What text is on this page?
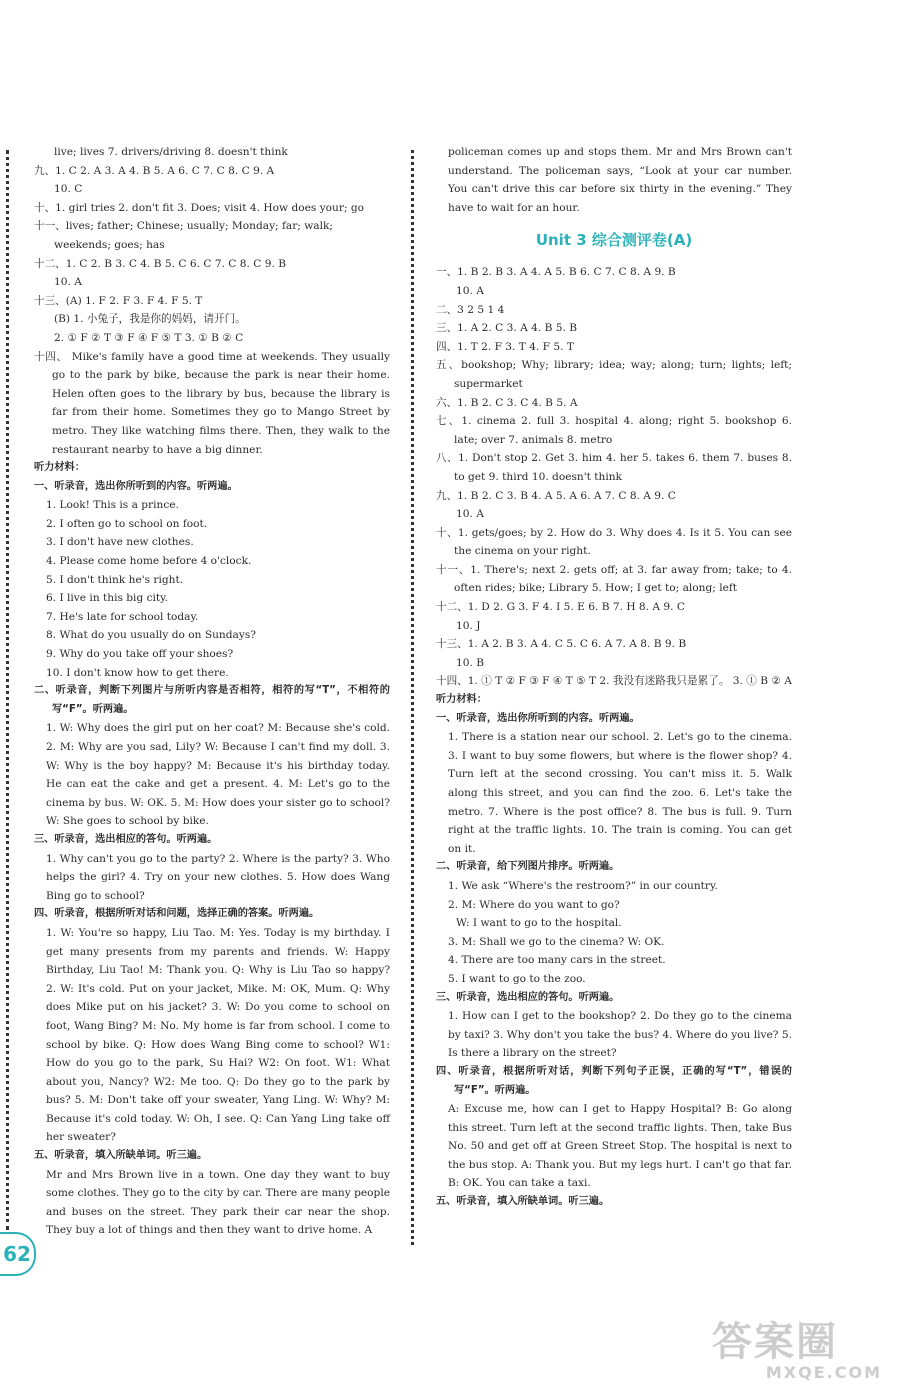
live; lives 7. drivers/driving 8. doesn't think

九、1. C 2. A 3. A 4. B 5. A 6. C 7. C 8. C 9. A

10. C

十、1. girl tries 2. don't fit 3. Does; visit 4. How does your; go

十一、lives; father; Chinese; usually; Monday; far; walk;

weekends; goes; has

十二、1. C 2. B 3. C 4. B 5. C 6. C 7. C 8. C 9. B

10. A

十三、(A) 1. F 2. F 3. F 4. F 5. T

(B) 1. 小兔子，我是你的妈妈，请开门。

2. ① F ② T ③ F ④ F ⑤ T 3. ① B ② C

十四、 Mike's family have a good time at weekends. They usually go to the park by bike, because the park is near their home. Helen often goes to the library by bus, because the library is far from their home. Sometimes they go to Mango Street by metro. They like watching films there. Then, they walk to the restaurant nearby to have a big dinner.

听力材料：

一、听录音，选出你所听到的内容。听两遍。

1. Look! This is a prince.

2. I often go to school on foot.

3. I don't have new clothes.

4. Please come home before 4 o'clock.

5. I don't think he's right.

6. I live in this big city.

7. He's late for school today.

8. What do you usually do on Sundays?

9. Why do you take off your shoes?

10. I don't know how to get there.

二、听录音，判断下列图片与所听内容是否相符，相符的写“T”，不相符的写“F”。听两遍。

1. W: Why does the girl put on her coat? M: Because she's cold. 2. M: Why are you sad, Lily? W: Because I can't find my doll. 3. W: Why is the boy happy? M: Because it's his birthday today. He can eat the cake and get a present. 4. M: Let's go to the cinema by bus. W: OK. 5. M: How does your sister go to school? W: She goes to school by bike.

三、听录音，选出相应的答句。听两遍。

1. Why can't you go to the party? 2. Where is the party? 3. Who helps the girl? 4. Try on your new clothes. 5. How does Wang Bing go to school?

四、听录音，根据所听对话和问题，选择正确的答案。听两遍。

1. W: You're so happy, Liu Tao. M: Yes. Today is my birthday. I get many presents from my parents and friends. W: Happy Birthday, Liu Tao! M: Thank you. Q: Why is Liu Tao so happy? 2. W: It's cold. Put on your jacket, Mike. M: OK, Mum. Q: Why does Mike put on his jacket? 3. W: Do you come to school on foot, Wang Bing? M: No. My home is far from school. I come to school by bike. Q: How does Wang Bing come to school? W1: How do you go to the park, Su Hai? W2: On foot. W1: What about you, Nancy? W2: Me too. Q: Do they go to the park by bus? 5. M: Don't take off your sweater, Yang Ling. W: Why? M: Because it's cold today. W: Oh, I see. Q: Can Yang Ling take off her sweater?

五、听录音，填入所缺单词。听三遍。

Mr and Mrs Brown live in a town. One day they want to buy some clothes. They go to the city by car. There are many people and buses on the street. They park their car near the shop. They buy a lot of things and then they want to drive home. A

policeman comes up and stops them. Mr and Mrs Brown can't understand. The policeman says, “Look at your car number. You can't drive this car before six thirty in the evening.” They have to wait for an hour.

Unit 3 综合测评卷(A)

一、1. B 2. B 3. A 4. A 5. B 6. C 7. C 8. A 9. B

10. A

二、3 2 5 1 4

三、1. A 2. C 3. A 4. B 5. B

四、1. T 2. F 3. T 4. F 5. T

五、bookshop; Why; library; idea; way; along; turn; lights; left; supermarket

六、1. B 2. C 3. C 4. B 5. A

七、1. cinema 2. full 3. hospital 4. along; right 5. bookshop 6. late; over 7. animals 8. metro

八、1. Don't stop 2. Get 3. him 4. her 5. takes 6. them 7. buses 8. to get 9. third 10. doesn't think

九、1. B 2. C 3. B 4. A 5. A 6. A 7. C 8. A 9. C

10. A

十、1. gets/goes; by 2. How do 3. Why does 4. Is it 5. You can see the cinema on your right.

十一、1. There's; next 2. gets off; at 3. far away from; take; to 4. often rides; bike; Library 5. How; I get to; along; left

十二、1. D 2. G 3. F 4. I 5. E 6. B 7. H 8. A 9. C

10. J

十三、1. A 2. B 3. A 4. C 5. C 6. A 7. A 8. B 9. B

10. B

十四、1. ① T ② F ③ F ④ T ⑤ T 2. 我没有迷路我只是累了。 3. ① B ② A

听力材料：

一、听录音，选出你所听到的内容。听两遍。

1. There is a station near our school. 2. Let's go to the cinema. 3. I want to buy some flowers, but where is the flower shop? 4. Turn left at the second crossing. You can't miss it. 5. Walk along this street, and you can find the zoo. 6. Let's take the metro. 7. Where is the post office? 8. The bus is full. 9. Turn right at the traffic lights. 10. The train is coming. You can get on it.

二、听录音，给下列图片排序。听两遍。

1. We ask “Where's the restroom?” in our country.

2. M: Where do you want to go?

W: I want to go to the hospital.

3. M: Shall we go to the cinema? W: OK.

4. There are too many cars in the street.

5. I want to go to the zoo.

三、听录音，选出相应的答句。听两遍。

1. How can I get to the bookshop? 2. Do they go to the cinema by taxi? 3. Why don't you take the bus? 4. Where do you live? 5. Is there a library on the street?

四、听录音，根据所听对话，判断下列句子正误，正确的写“T”，错误的写“F”。听两遍。

A: Excuse me, how can I get to Happy Hospital? B: Go along this street. Turn left at the second traffic lights. Then, take Bus No. 50 and get off at Green Street Stop. The hospital is next to the bus stop. A: Thank you. But my legs hurt. I can't go that far. B: OK. You can take a taxi.

五、听录音，填入所缺单词。听三遍。

62
答案圈
MXQE.COM
